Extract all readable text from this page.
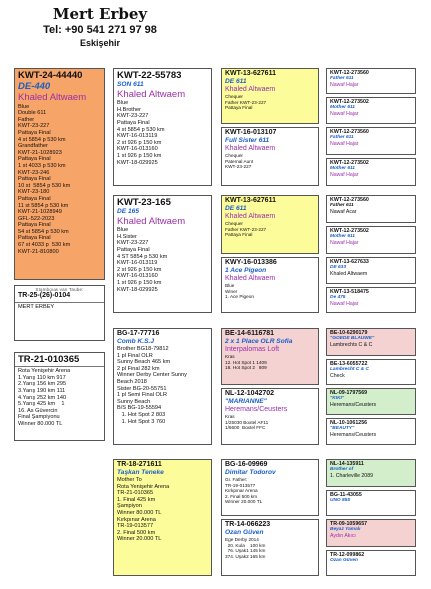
Mert Erbey
Tel: +90 541 271 97 98
Eskişehir
KWT-24-44440
DE-440
Khaled Altwaem
Blue
Double 611
Father
KWT-23-227
Pattaya Final
4 st 5854 p 530 km
Grandfather
KWT-21-1028923
Pattaya Final
1 st 4033 p 530 km
KWT-23-246
Pattaya Final
10 st  5854 p 530 km
KWT-23-180
Pattaya Final
11 st 5854 p 530 km
KWT-21-1028949
GFL-522-2023
Pattaya Final
54 st 5854 p 530 km
Pattaya Final
67 st 4033 p  530 km
KWT-21-810800
Stambouw van Taube:
TR-25-(26)-0104
MERT ERBEY
TR-21-010365
Rota Yenişehir Arena
1.Yarış 110 km 917
2.Yarış 156 km 295
3.Yarış 190 km 111
4.Yarış 252 km 140
5.Yarış 425 km    1
16. As Güvercin
Final Şampiyonu
Winner 80.000 TL
KWT-22-55783
SON 611
Khaled Altwaem
Blue
H.Brother
KWT-23-227
Pattaya Final
4 st 5854 p 530 km
KWT-16-013119
2 st 926 p 150 km
KWT-16-013160
1 st 926 p 150 km
KWT-18-029925
KWT-23-165
DE 165
Khaled Altwaem
Blue
H.Sister
KWT-23-227
Pattaya Final
4 ST 5854 p 530 km
KWT-16-013119
2 st 926 p 150 km
KWT-16-013160
1 st 926 p 150 km
KWT-18-029925
BG-17-77716
Comb K.S.J
Brother BG18-79812
1 pl Final OLR
Sunny Beach 465 km
2 pl Final 282 km
Winner Derby Center Sunny
Beach 2018
Sister BG-20-55751
1 pl Semi Final OLR
Sunny Beach
B/S BG-19-55594
1. Hot Spot 2 803
1. Hot Spot 3 760
TR-18-271611
Taşkan Teneke
Mother To
Rota Yenişehir Arena
TR-21-010365
1. Final 425 km
Şampiyon
Winner 80.000 TL
Kırkpınar Arena
TR-19-013577
2. Final 500 km
Winner 20.000 TL
KWT-13-627611
DE 611
Khaled Altwaem
Chequer
Father KWT-23-227
Pattaya Final
KWT-16-013107
Full Sister 611
Khaled Altwaem
Chequer
Paternal Aunt
KWT-23-227
KWT-13-627611
DE 611
Khaled Altwaem
Chequer
Father KWT-23-227
Pattaya Final
KWY-16-013386
1 Ace Pigeon
Khaled Altwaem
Blue
Winer
1. Ace Pigeon
BE-14-6116781
2 x 1 Place OLR Sofia
Interpalomas Loft
Kras
12. Hot Spot 1 1409
18. Hot Spot 2   809
NL-12-1042702
"MARIANNE"
Heremans/Ceusters
Kras
1/25030 Boxtel AF11
1/6600  Boxtel FFC
BG-16-09969
Dimitar Todorov
Gr. Father:
TR-19-013577
Kırkpınar Arena
2. Final 500 km
Winner 20.000 TL
TR-14-066223
Ozan Güven
Ege Derby 2014
20. Kula    100 km
76. Uşak1 145 km
374. Uşak2 165 km
KWT-12-273560
Father 611
Nawaf Hajar
KWT-12-273502
Mother 611
Nawaf Hajar
KWT-12-273560
Father 611
Nawaf Hajar
KWT-12-273502
Mother 611
Nawaf Hajar
KWT-12-273560
Father 611
Nawaf Acar
KWT-12-273502
Mother 611
Nawaf Hajar
KWT-13-627633
DE 633
Khaled Altwaem
KWT-13-518475
De 475
Nawaf Hajar
BE-10-6290179
"GOEDE BLAUWE"
Lambrechts C & C
BE-13-6055722
Lambrecht C & C
Check
NL-09-1797569
"KIKI"
Heremans/Ceusters
NL-10-1061256
"BEAUTY"
Heremans/Ceusters
NL-14-135911
Brother of
1. Charleville 2089
BG-11-43055
UNO 855
TR-09-1059657
Beyaz Yamalı
Aydın Akıcı
TR-12-099862
Ozan Güven
